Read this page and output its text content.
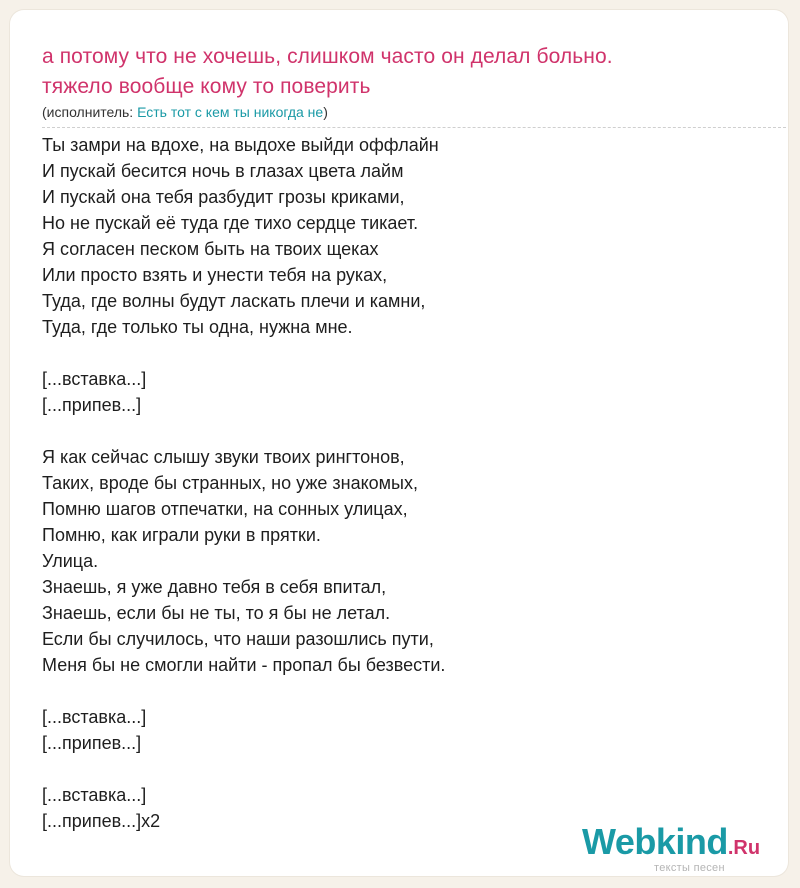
а потому что не хочешь, слишком часто он делал больно.
тяжело вообще кому то поверить
(исполнитель: Есть тот с кем ты никогда не)
Ты замри на вдохе, на выдохе выйди оффлайн
И пускай бесится ночь в глазах цвета лайм
И пускай она тебя разбудит грозы криками,
Но не пускай её туда где тихо сердце тикает.
Я согласен песком быть на твоих щеках
Или просто взять и унести тебя на руках,
Туда, где волны будут ласкать плечи и камни,
Туда, где только ты одна, нужна мне.
[...вставка...]
[...припев...]
Я как сейчас слышу звуки твоих рингтонов,
Таких, вроде бы странных, но уже знакомых,
Помню шагов отпечатки, на сонных улицах,
Помню, как играли руки в прятки.
Улица.
Знаешь, я уже давно тебя в себя впитал,
Знаешь, если бы не ты, то я бы не летал.
Если бы случилось, что наши разошлись пути,
Меня бы не смогли найти - пропал бы безвести.
[...вставка...]
[...припев...]
[...вставка...]
[...припев...]x2	Webkind.Ru
тексты песен
